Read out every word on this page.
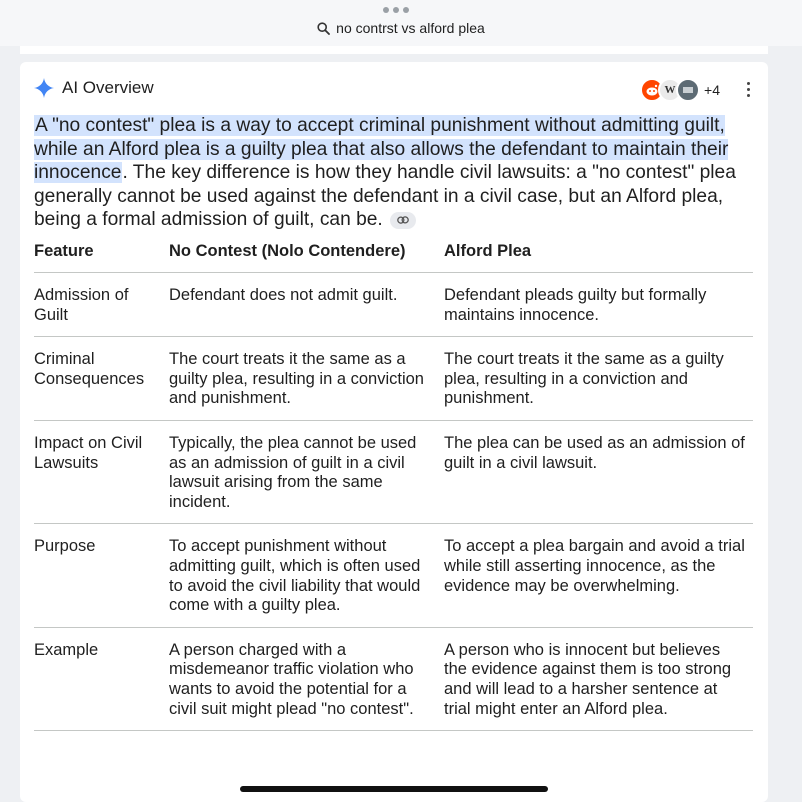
no contrst vs alford plea
AI Overview	W	+4
A "no contest" plea is a way to accept criminal punishment without admitting guilt, while an Alford plea is a guilty plea that also allows the defendant to maintain their innocence. The key difference is how they handle civil lawsuits: a "no contest" plea generally cannot be used against the defendant in a civil case, but an Alford plea, being a formal admission of guilt, can be.
Feature	No Contest (Nolo Contendere)	Alford Plea
Admission of Guilt	Defendant does not admit guilt.	Defendant pleads guilty but formally maintains innocence.
Criminal Consequences	The court treats it the same as a guilty plea, resulting in a conviction and punishment.	The court treats it the same as a guilty plea, resulting in a conviction and punishment.
Impact on Civil Lawsuits	Typically, the plea cannot be used as an admission of guilt in a civil lawsuit arising from the same incident.	The plea can be used as an admission of guilt in a civil lawsuit.
Purpose	To accept punishment without admitting guilt, which is often used to avoid the civil liability that would come with a guilty plea.	To accept a plea bargain and avoid a trial while still asserting innocence, as the evidence may be overwhelming.
Example	A person charged with a misdemeanor traffic violation who wants to avoid the potential for a civil suit might plead "no contest".	A person who is innocent but believes the evidence against them is too strong and will lead to a harsher sentence at trial might enter an Alford plea.
